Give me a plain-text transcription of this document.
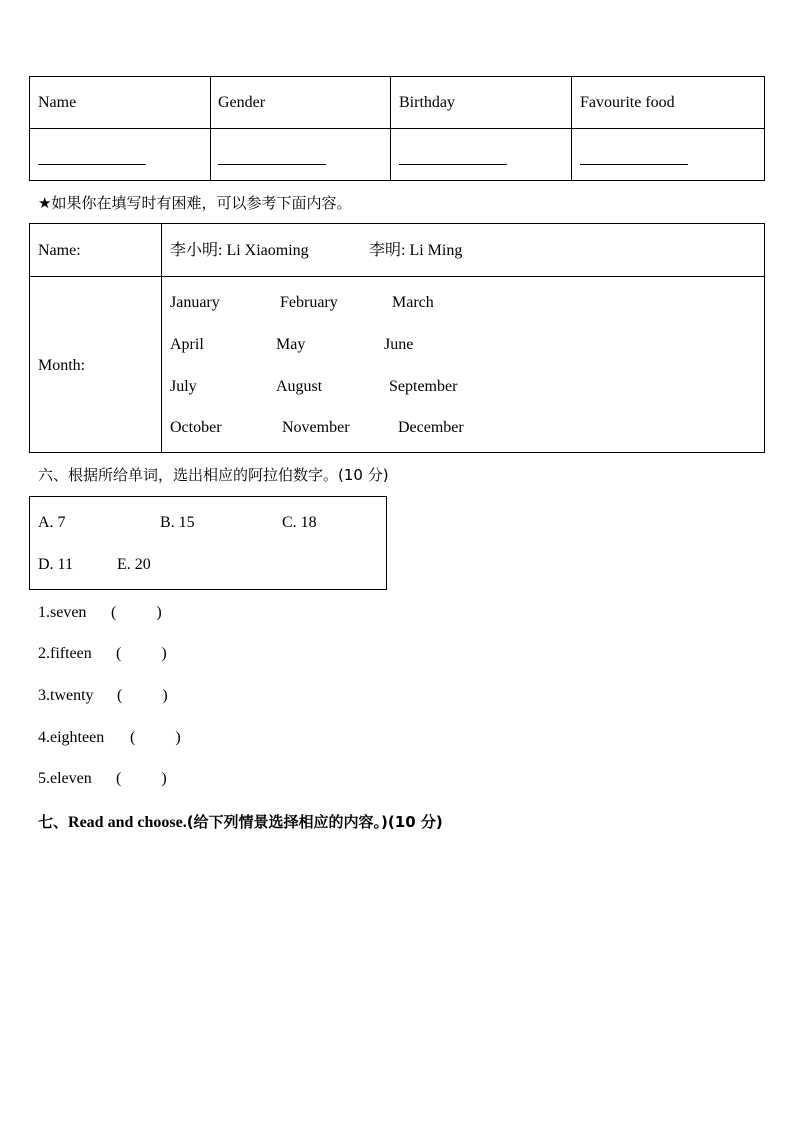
Name	Gender	Birthday	Favourite food
★如果你在填写时有困难，可以参考下面内容。
Name:	李小明: Li Xiaoming	李明: Li Ming
Month:
January	February	March
April	May	June
July	August	September
October	November	December
六、根据所给单词，选出相应的阿拉伯数字。(10 分)
A. 7	B. 15	C. 18
D. 11	E. 20
1.seven (          )
2.fifteen (          )
3.twenty (          )
4.eighteen (          )
5.eleven (          )
七、Read and choose.(给下列情景选择相应的内容。)(10 分)
